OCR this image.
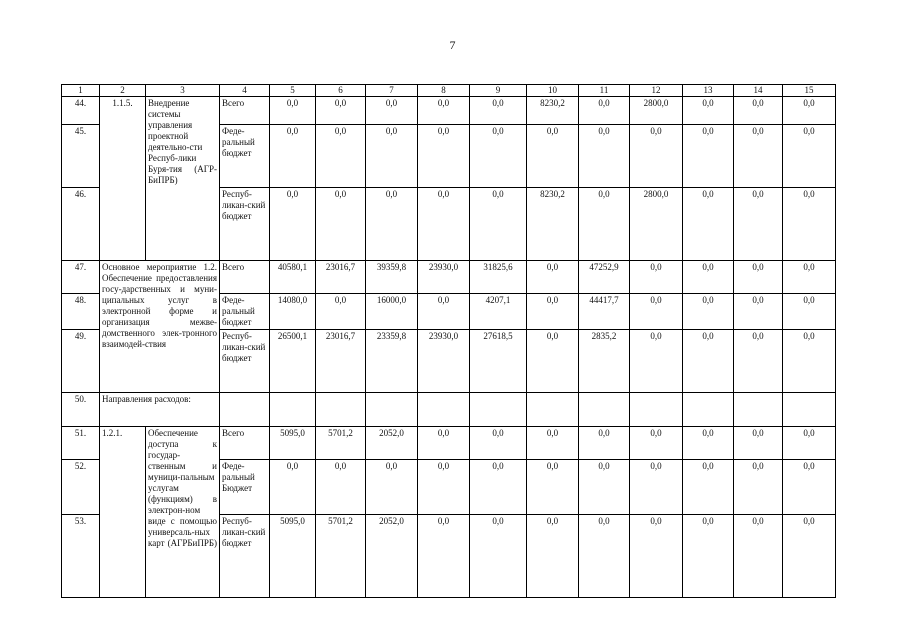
7
1	2	3	4	5	6	7	8	9	10	11	12	13	14	15
44.	1.1.5.	Внедрение системы управления проектной деятельно-сти Респуб-лики Буря-тия (АГР-БиПРБ)	Всего	0,0	0,0	0,0	0,0	0,0	8230,2	0,0	2800,0	0,0	0,0	0,0
45.			Феде-ральный бюджет	0,0	0,0	0,0	0,0	0,0	0,0	0,0	0,0	0,0	0,0	0,0
46.			Респуб-ликан-ский бюджет	0,0	0,0	0,0	0,0	0,0	8230,2	0,0	2800,0	0,0	0,0	0,0
47.	Основное мероприятие 1.2. Обеспечение предоставления госу-дарственных и муни-ципальных услуг в электронной форме и организация межве-домственного элек-тронного взаимодей-ствия		Всего	40580,1	23016,7	39359,8	23930,0	31825,6	0,0	47252,9	0,0	0,0	0,0	0,0
48.			Феде-ральный бюджет	14080,0	0,0	16000,0	0,0	4207,1	0,0	44417,7	0,0	0,0	0,0	0,0
49.			Респуб-ликан-ский бюджет	26500,1	23016,7	23359,8	23930,0	27618,5	0,0	2835,2	0,0	0,0	0,0	0,0
50.	Направления расходов:													
51.	1.2.1.	Обеспечение доступа к государ-ственным и муници-пальным услугам (функциям) в электрон-ном виде с помощью универсаль-ных карт (АГРБиПРБ)	Всего	5095,0	5701,2	2052,0	0,0	0,0	0,0	0,0	0,0	0,0	0,0	0,0
52.			Феде-ральный Бюджет	0,0	0,0	0,0	0,0	0,0	0,0	0,0	0,0	0,0	0,0	0,0
53.			Респуб-ликан-ский бюджет	5095,0	5701,2	2052,0	0,0	0,0	0,0	0,0	0,0	0,0	0,0	0,0
